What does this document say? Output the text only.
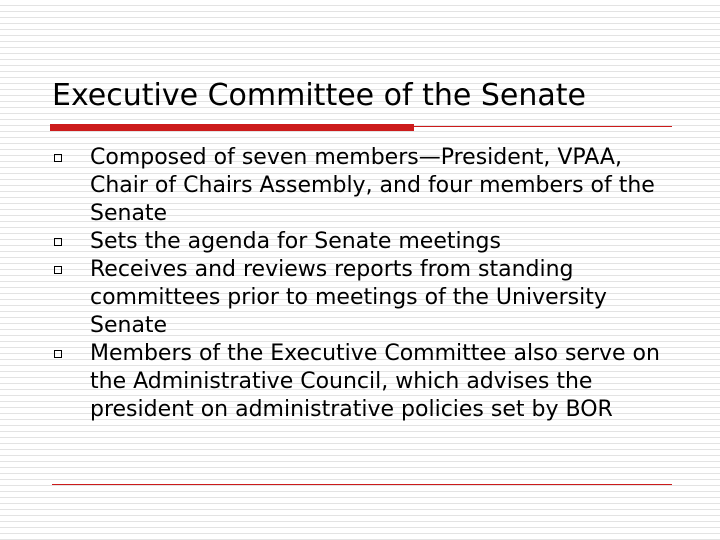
Executive Committee of the Senate
Composed of seven members—President, VPAA, Chair of Chairs Assembly, and four members of the Senate
Sets the agenda for Senate meetings
Receives and reviews reports from standing committees prior to meetings of the University Senate
Members of the Executive Committee also serve on the Administrative Council, which advises the president on administrative policies set by BOR
